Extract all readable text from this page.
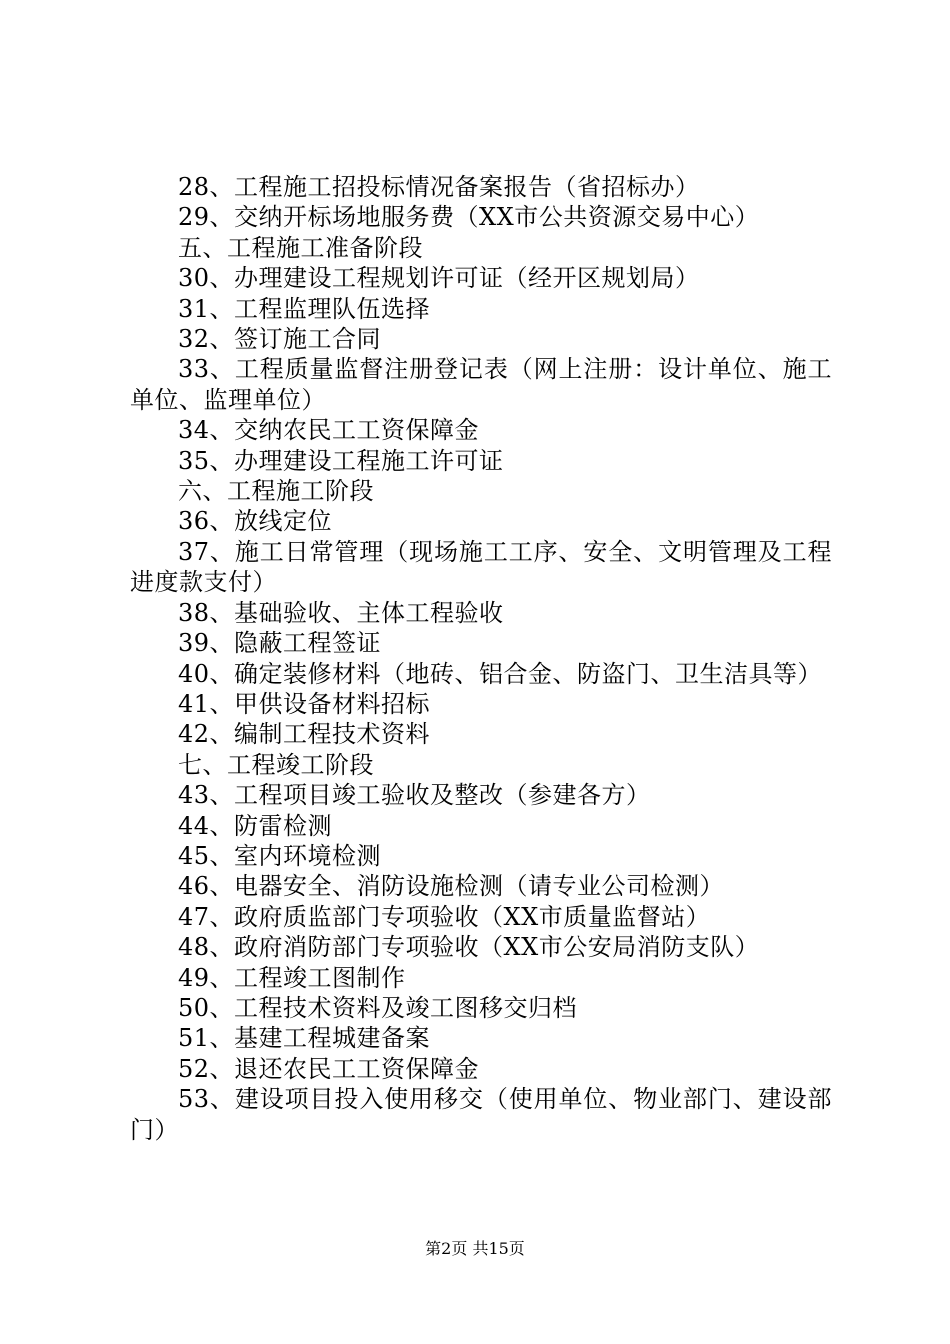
28、工程施工招投标情况备案报告（省招标办）
29、交纳开标场地服务费（XX市公共资源交易中心）
五、工程施工准备阶段
30、办理建设工程规划许可证（经开区规划局）
31、工程监理队伍选择
32、签订施工合同
33、工程质量监督注册登记表（网上注册：设计单位、施工单位、监理单位）
34、交纳农民工工资保障金
35、办理建设工程施工许可证
六、工程施工阶段
36、放线定位
37、施工日常管理（现场施工工序、安全、文明管理及工程进度款支付）
38、基础验收、主体工程验收
39、隐蔽工程签证
40、确定装修材料（地砖、铝合金、防盗门、卫生洁具等）
41、甲供设备材料招标
42、编制工程技术资料
七、工程竣工阶段
43、工程项目竣工验收及整改（参建各方）
44、防雷检测
45、室内环境检测
46、电器安全、消防设施检测（请专业公司检测）
47、政府质监部门专项验收（XX市质量监督站）
48、政府消防部门专项验收（XX市公安局消防支队）
49、工程竣工图制作
50、工程技术资料及竣工图移交归档
51、基建工程城建备案
52、退还农民工工资保障金
53、建设项目投入使用移交（使用单位、物业部门、建设部门）
第2页 共15页
